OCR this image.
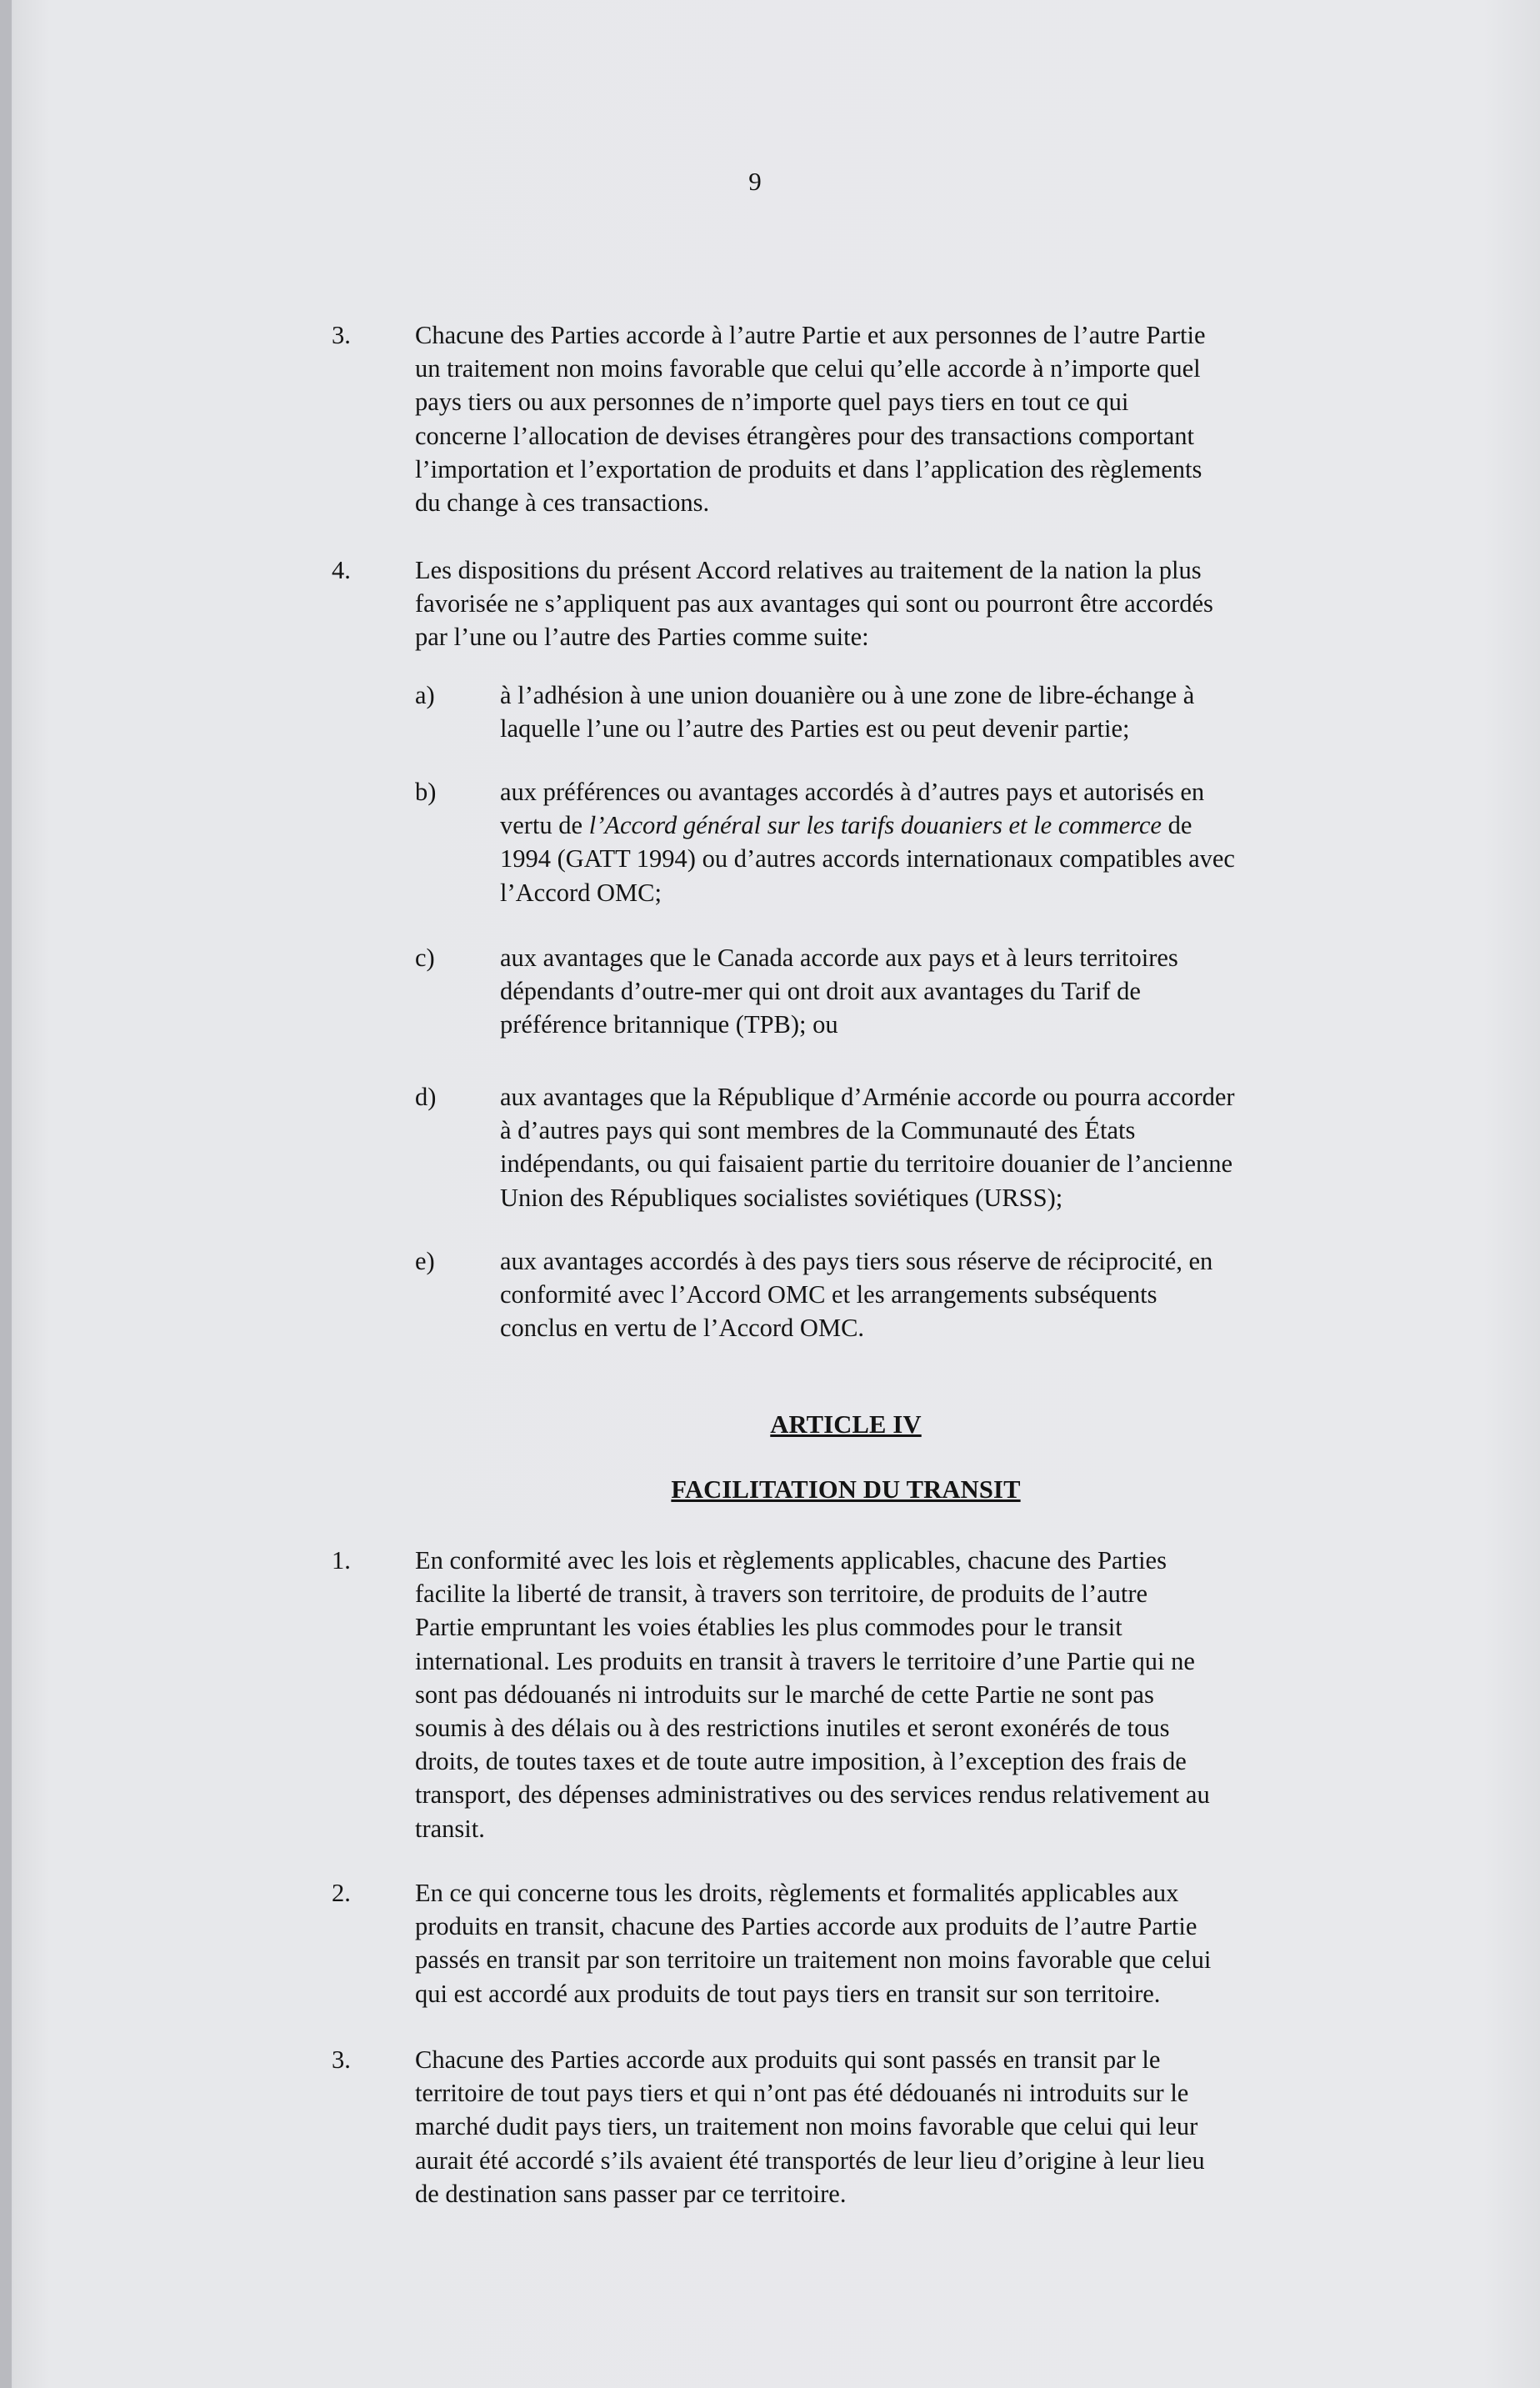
9
3.	Chacune des Parties accorde à l’autre Partie et aux personnes de l’autre Partie
un traitement non moins favorable que celui qu’elle accorde à n’importe quel
pays tiers ou aux personnes de n’importe quel pays tiers en tout ce qui
concerne l’allocation de devises étrangères pour des transactions comportant
l’importation et l’exportation de produits et dans l’application des règlements
du change à ces transactions.
4.	Les dispositions du présent Accord relatives au traitement de la nation la plus
favorisée ne s’appliquent pas aux avantages qui sont ou pourront être accordés
par l’une ou l’autre des Parties comme suite:
a)	à l’adhésion à une union douanière ou à une zone de libre-échange à
laquelle l’une ou l’autre des Parties est ou peut devenir partie;
b)	aux préférences ou avantages accordés à d’autres pays et autorisés en
vertu de l’Accord général sur les tarifs douaniers et le commerce de
1994 (GATT 1994) ou d’autres accords internationaux compatibles avec
l’Accord OMC;
c)	aux avantages que le Canada accorde aux pays et à leurs territoires
dépendants d’outre-mer qui ont droit aux avantages du Tarif de
préférence britannique (TPB); ou
d)	aux avantages que la République d’Arménie accorde ou pourra accorder
à d’autres pays qui sont membres de la Communauté des États
indépendants, ou qui faisaient partie du territoire douanier de l’ancienne
Union des Républiques socialistes soviétiques (URSS);
e)	aux avantages accordés à des pays tiers sous réserve de réciprocité, en
conformité avec l’Accord OMC et les arrangements subséquents
conclus en vertu de l’Accord OMC.
ARTICLE IV
FACILITATION DU TRANSIT
1.	En conformité avec les lois et règlements applicables, chacune des Parties
facilite la liberté de transit, à travers son territoire, de produits de l’autre
Partie empruntant les voies établies les plus commodes pour le transit
international. Les produits en transit à travers le territoire d’une Partie qui ne
sont pas dédouanés ni introduits sur le marché de cette Partie ne sont pas
soumis à des délais ou à des restrictions inutiles et seront exonérés de tous
droits, de toutes taxes et de toute autre imposition, à l’exception des frais de
transport, des dépenses administratives ou des services rendus relativement au
transit.
2.	En ce qui concerne tous les droits, règlements et formalités applicables aux
produits en transit, chacune des Parties accorde aux produits de l’autre Partie
passés en transit par son territoire un traitement non moins favorable que celui
qui est accordé aux produits de tout pays tiers en transit sur son territoire.
3.	Chacune des Parties accorde aux produits qui sont passés en transit par le
territoire de tout pays tiers et qui n’ont pas été dédouanés ni introduits sur le
marché dudit pays tiers, un traitement non moins favorable que celui qui leur
aurait été accordé s’ils avaient été transportés de leur lieu d’origine à leur lieu
de destination sans passer par ce territoire.
